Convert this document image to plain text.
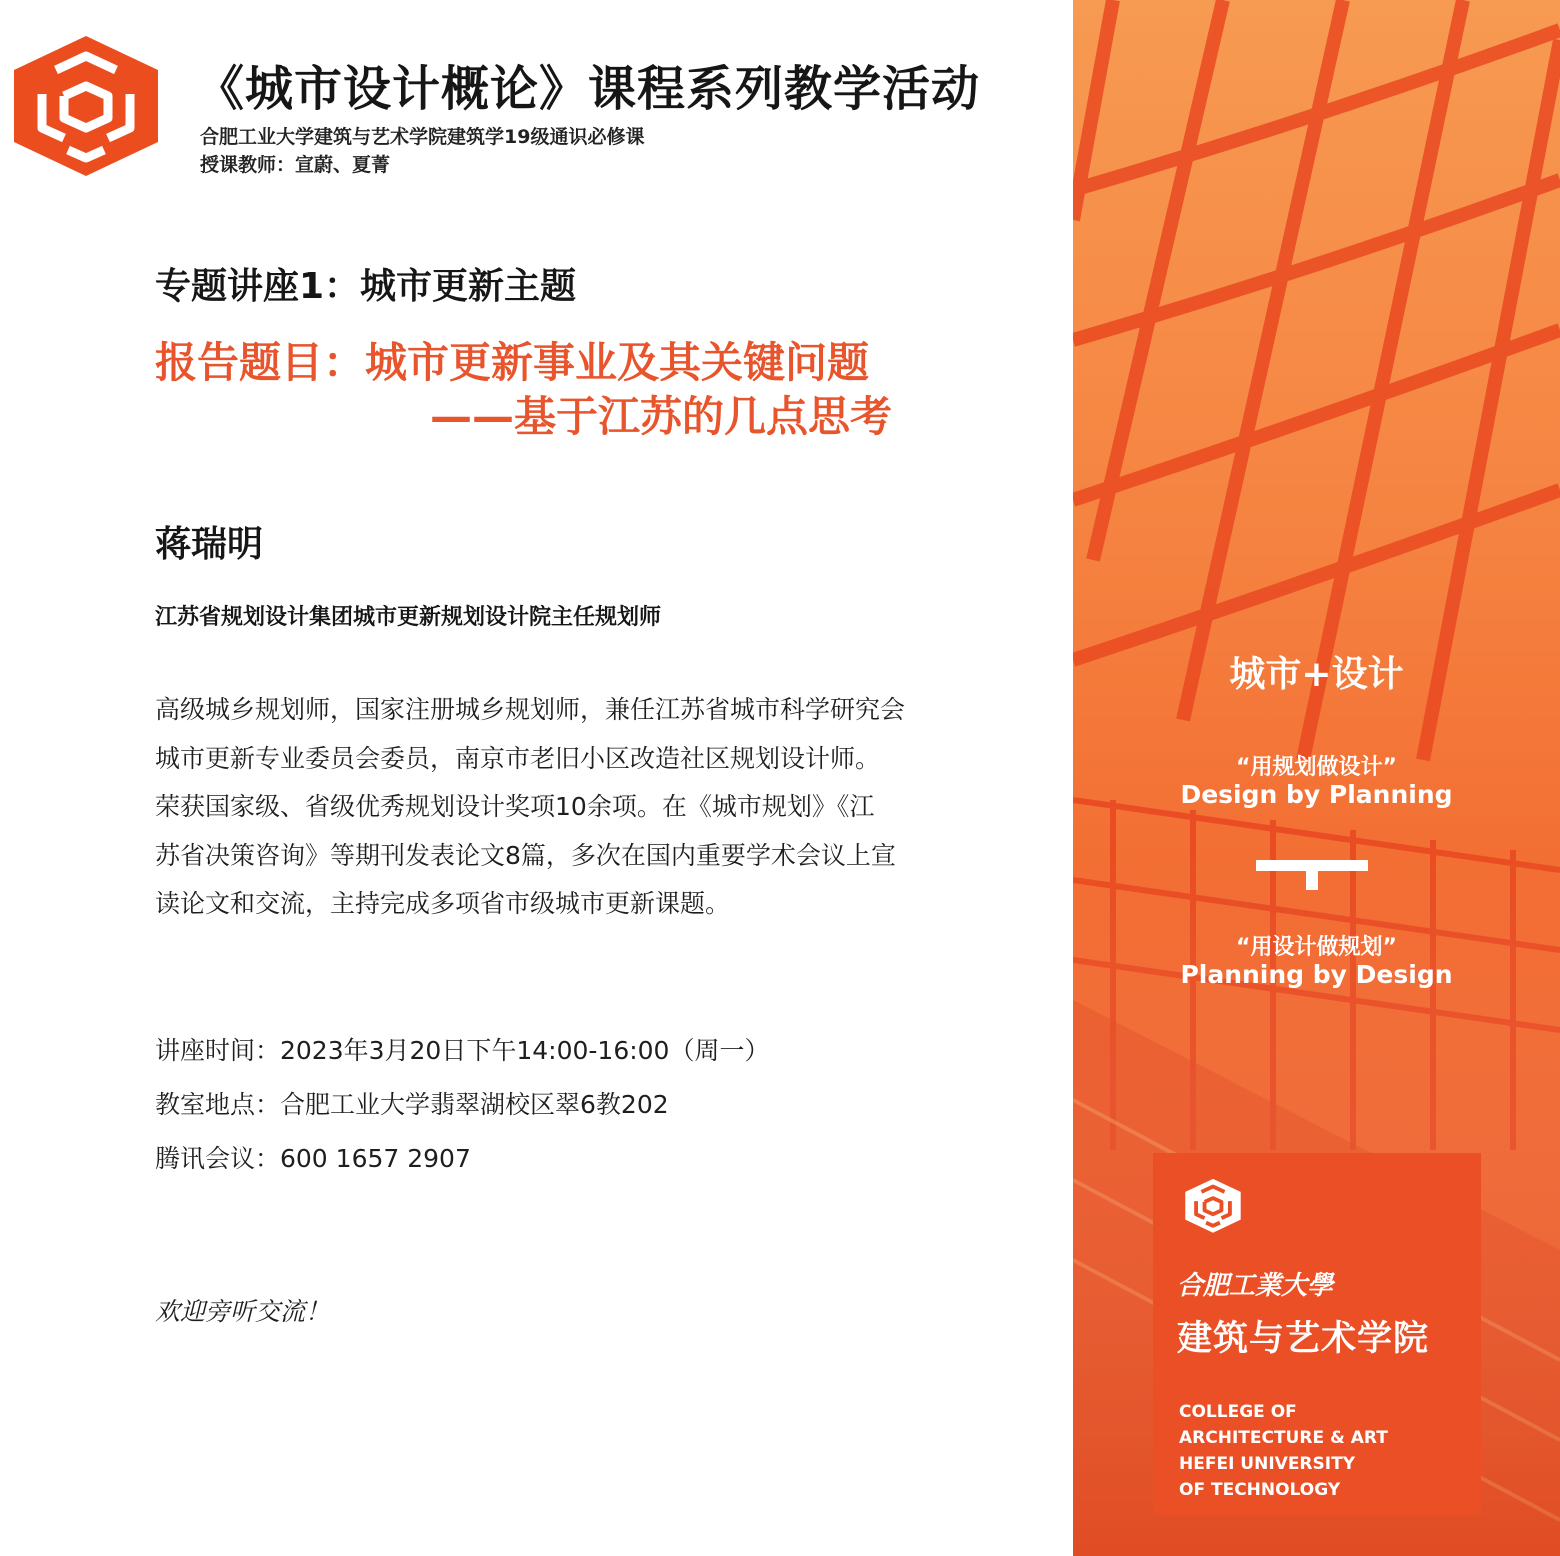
《城市设计概论》课程系列教学活动
合肥工业大学建筑与艺术学院建筑学19级通识必修课
授课教师：宣蔚、夏菁
专题讲座1：城市更新主题
报告题目：城市更新事业及其关键问题
——基于江苏的几点思考
蒋瑞明
江苏省规划设计集团城市更新规划设计院主任规划师
高级城乡规划师，国家注册城乡规划师，兼任江苏省城市科学研究会
城市更新专业委员会委员，南京市老旧小区改造社区规划设计师。
荣获国家级、省级优秀规划设计奖项10余项。在《城市规划》《江
苏省决策咨询》等期刊发表论文8篇，多次在国内重要学术会议上宣
读论文和交流，主持完成多项省市级城市更新课题。
讲座时间：2023年3月20日下午14:00-16:00（周一）
教室地点：合肥工业大学翡翠湖校区翠6教202
腾讯会议：600 1657 2907
欢迎旁听交流！
城市+设计
“用规划做设计”
Design by Planning
“用设计做规划”
Planning by Design
合肥工業大學
建筑与艺术学院
COLLEGE OF
ARCHITECTURE & ART
HEFEI UNIVERSITY
OF TECHNOLOGY
